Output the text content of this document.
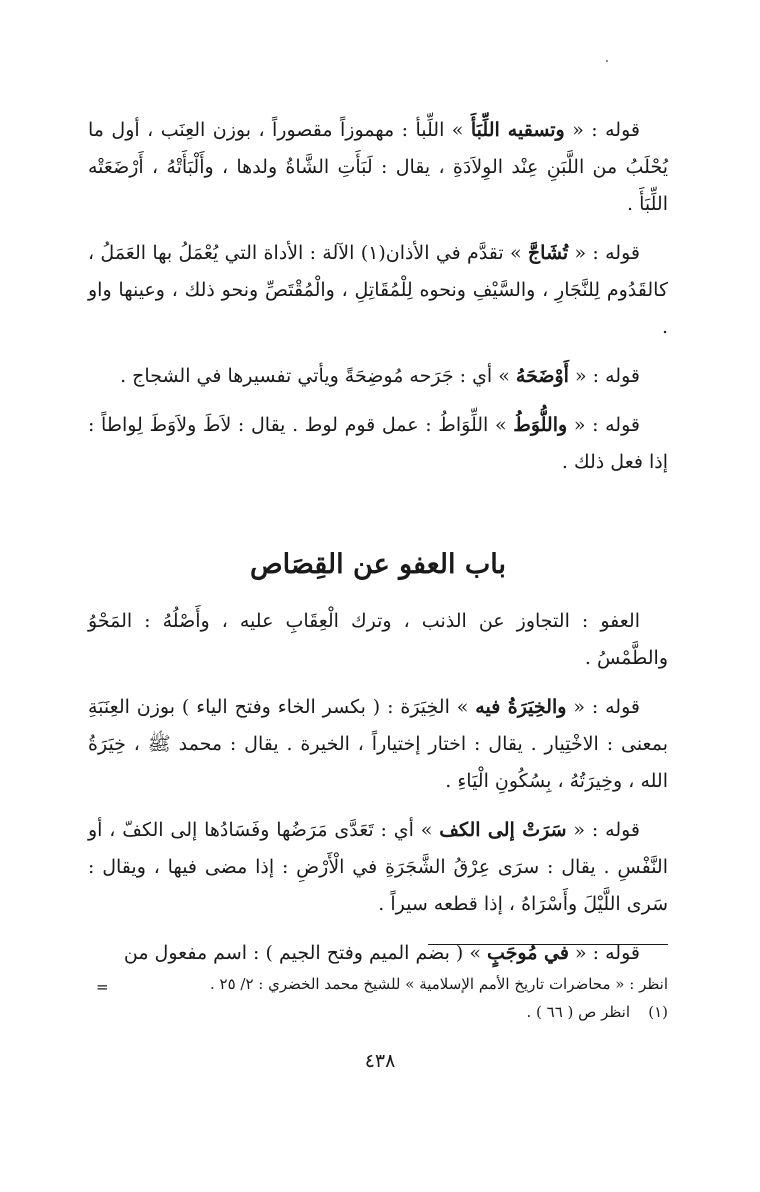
قوله : « وتسقيه اللِّبَأَ » اللِّبأ : مهموزاً مقصوراً ، بوزن العِنَب ، أول ما يُحْلَبُ من اللَّبَنِ عِنْد الوِلاَدَةِ ، يقال : لَبَأَتِ الشَّاةُ ولدها ، وأَلْبَأَتْهُ ، أَرْضَعَتْه اللِّبَأَ .

قوله : « تُشَاجَّ » تقدَّم في الأذان(١) الآلة : الأداة التي يُعْمَلُ بها العَمَلُ ، كالقَدُوم لِلنَّجَارِ ، والسَّيْفِ ونحوه لِلْمُقَاتِلِ ، والْمُقْتَصِّ ونحو ذلك ، وعينها واو .

قوله : « أَوْضَحَهُ » أي : جَرَحه مُوضِحَةً ويأتي تفسيرها في الشجاج .

قوله : « واللُّوَطُ » اللِّوَاطُ : عمل قوم لوط . يقال : لاَطَ ولاَوَطَ لِواطاً : إذا فعل ذلك .

باب العفو عن القِصَاص

العفو : التجاوز عن الذنب ، وترك الْعِقَابِ عليه ، وأَصْلُهُ : المَحْوُ والطَّمْسُ .

قوله : « والخِيَرَةُ فيه » الخِيَرَة : ( بكسر الخاء وفتح الياء ) بوزن العِنَبَةِ بمعنى : الاخْتِيار . يقال : اختار إختياراً ، الخيرة . يقال : محمد ﷺ ، خِيَرَةُ الله ، وخِيرَتُهُ ، بِسُكُونِ الْيَاءِ .

قوله : « سَرَتْ إلى الكف » أي : تَعَدَّى مَرَضُها وفَسَادُها إلى الكفّ ، أو النَّفْسِ . يقال : سرَى عِرْقُ الشَّجَرَةِ في الْأَرْضِ : إذا مضى فيها ، ويقال : سَرى اللَّيْلَ وأَسْرَاهُ ، إذا قطعه سيراً .

قوله : « في مُوجَبٍ » ( بضم الميم وفتح الجيم ) : اسم مفعول من

=	انظر : « محاضرات تاريخ الأمم الإسلامية » للشيخ محمد الخضري : ٢/ ٢٥ .
(١)
انظر ص ( ٦٦ ) .
٤٣٨
